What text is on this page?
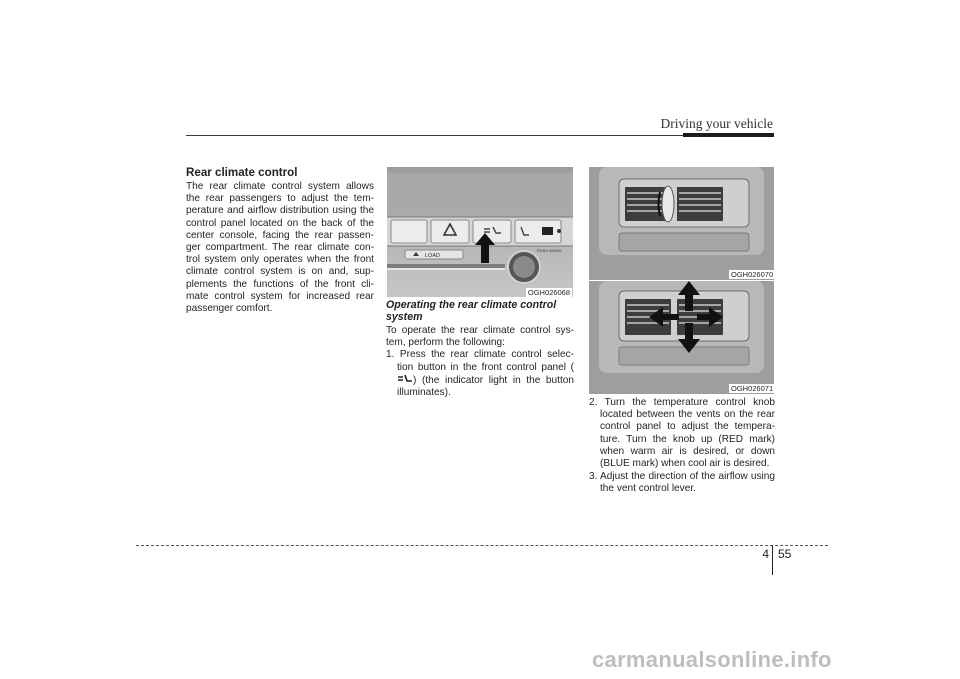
Driving your vehicle
Rear climate control
The rear climate control system allows the rear passengers to adjust the tem-perature and airflow distribution using the control panel located on the back of the center console, facing the rear passen-ger compartment. The rear climate con-trol system only operates when the front climate control system is on and, sup-plements the functions of the front cli-mate control system for increased rear passenger comfort.
LOAD
PUSH AUDIO
OGH026068
Operating the rear climate control system
To operate the rear climate control sys-tem, perform the following:
1. Press the rear climate control selec-tion button in the front control panel () (the indicator light in the button illuminates).
OGH026070
OGH026071
2. Turn the temperature control knob located between the vents on the rear control panel to adjust the tempera-ture. Turn the knob up (RED mark) when warm air is desired, or down (BLUE mark) when cool air is desired.
3. Adjust the direction of the airflow using the vent control lever.
4 55
carmanualsonline.info
